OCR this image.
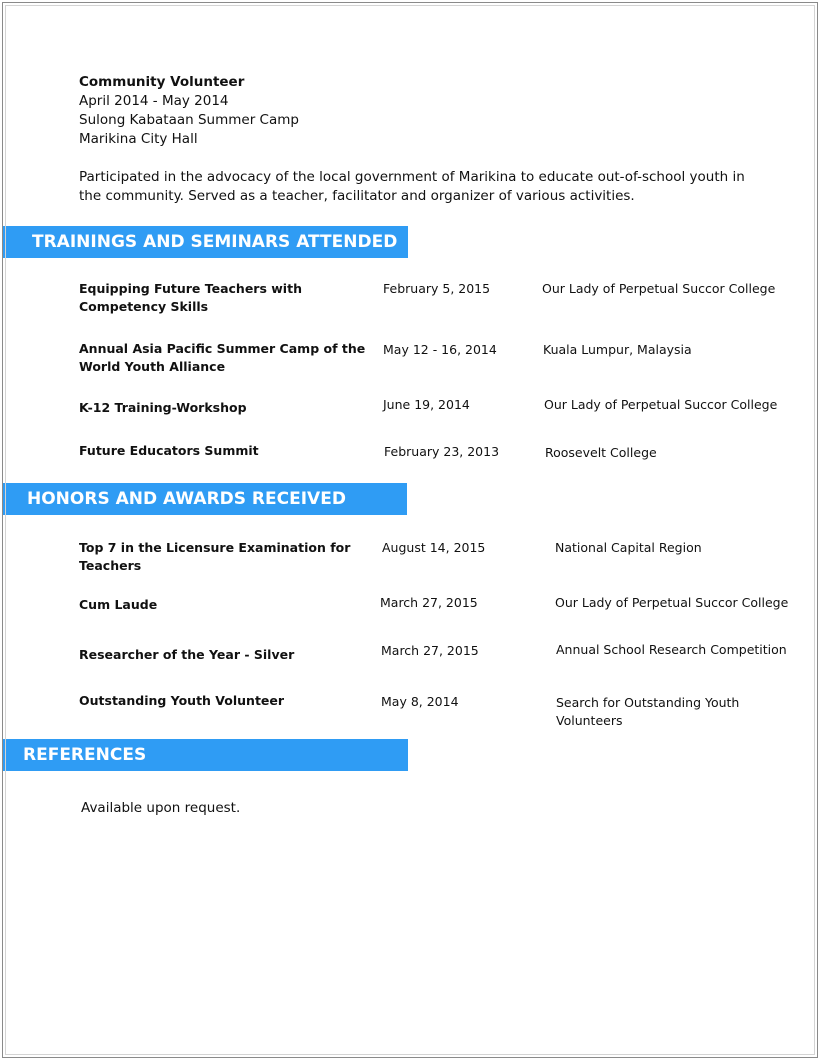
Community Volunteer
April 2014 - May 2014
Sulong Kabataan Summer Camp
Marikina City Hall
Participated in the advocacy of the local government of Marikina to educate out-of-school youth in the community. Served as a teacher, facilitator and organizer of various activities.
TRAININGS AND SEMINARS ATTENDED
Equipping Future Teachers with
Competency Skills
February 5, 2015	Our Lady of Perpetual Succor College
Annual Asia Pacific Summer Camp of the
World Youth Alliance
May 12 - 16, 2014	Kuala Lumpur, Malaysia
K-12 Training-Workshop	June 19, 2014	Our Lady of Perpetual Succor College
Future Educators Summit	February 23, 2013	Roosevelt College
HONORS AND AWARDS RECEIVED
Top 7 in the Licensure Examination for
Teachers
August 14, 2015	National Capital Region
Cum Laude	March 27, 2015	Our Lady of Perpetual Succor College
Researcher of the Year - Silver	March 27, 2015	Annual School Research Competition
Outstanding Youth Volunteer	May 8, 2014	Search for Outstanding Youth
Volunteers
REFERENCES
Available upon request.
